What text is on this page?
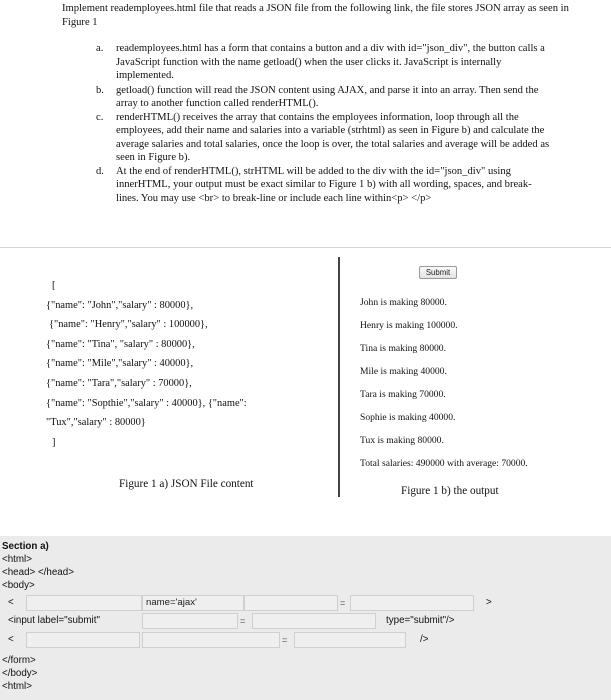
Implement reademployees.html file that reads a JSON file from the following link, the file stores JSON array as seen in Figure 1
a.	reademployees.html has a form that contains a button and a div with id="json_div", the button calls a JavaScript function with the name getload() when the user clicks it. JavaScript is internally implemented.
b.	getload() function will read the JSON content using AJAX, and parse it into an array. Then send the array to another function called renderHTML().
c.	renderHTML() receives the array that contains the employees information, loop through all the employees, add their name and salaries into a variable (strhtml) as seen in Figure b) and calculate the average salaries and total salaries, once the loop is over, the total salaries and average will be added as seen in Figure b).
d.	At the end of renderHTML(), strHTML will be added to the div with the id="json_div" using innerHTML, your output must be exact similar to Figure 1 b) with all wording, spaces, and break-lines. You may use <br> to break-line or include each line within<p> </p>
[
{"name": "John","salary" : 80000},
{"name": "Henry","salary" : 100000},
{"name": "Tina", "salary" : 80000},
{"name": "Mile","salary" : 40000},
{"name": "Tara","salary" : 70000},
{"name": "Sopthie","salary" : 40000}, {"name":
"Tux","salary" : 80000}
]
Figure 1 a) JSON File content
Submit
John is making 80000.
Henry is making 100000.
Tina is making 80000.
Mile is making 40000.
Tara is making 70000.
Sophie is making 40000.
Tux is making 80000.
Total salaries: 490000 with average: 70000.
Figure 1 b) the output
Section a)
<html>
<head> </head>
<body>
<	name='ajax'	=	>
<input label="submit"	=	type="submit"/>
<	=	/>
</form>
</body>
<html>
